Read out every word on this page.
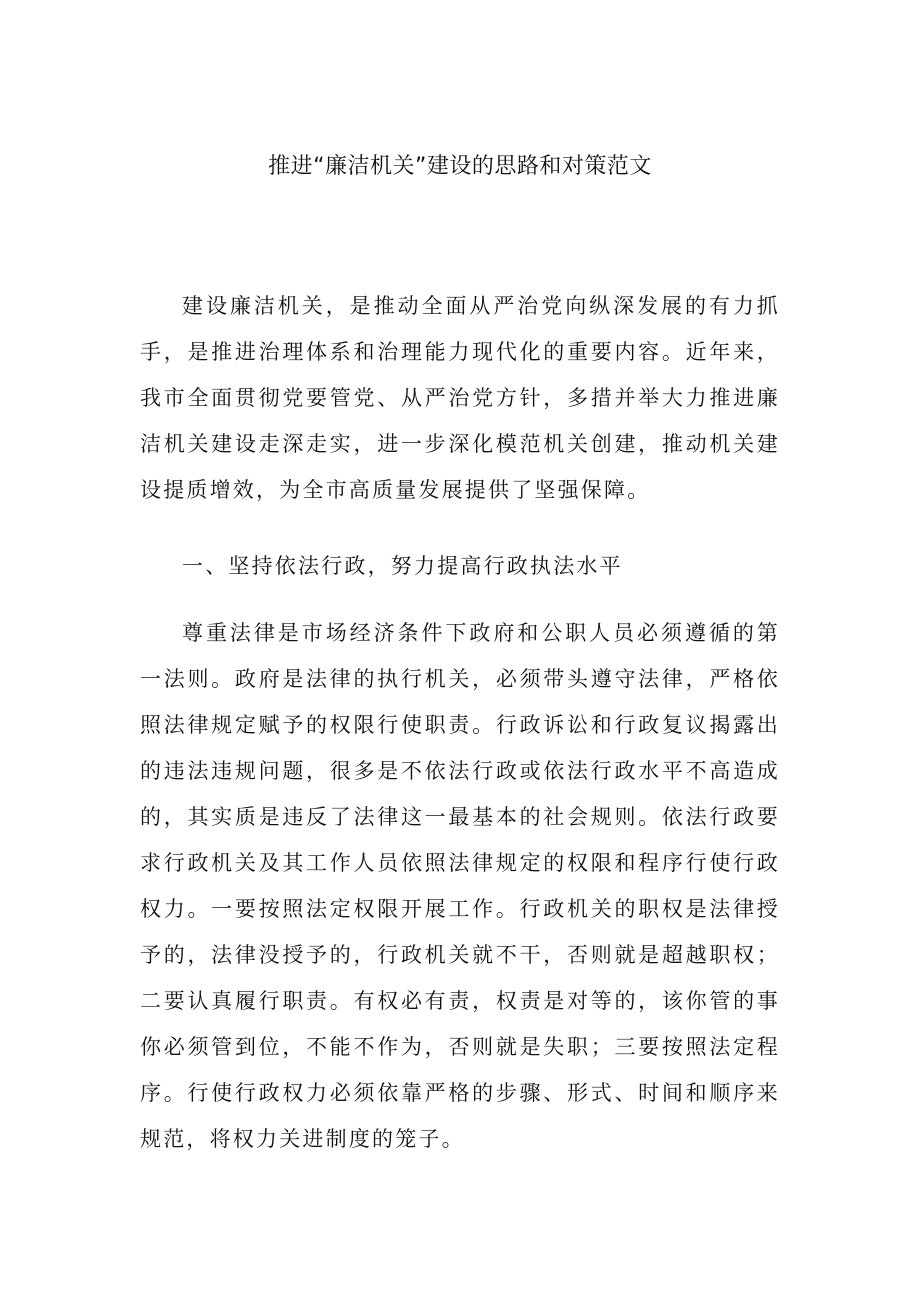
推进“廉洁机关”建设的思路和对策范文

建设廉洁机关，是推动全面从严治党向纵深发展的有力抓手，是推进治理体系和治理能力现代化的重要内容。近年来，我市全面贯彻党要管党、从严治党方针，多措并举大力推进廉洁机关建设走深走实，进一步深化模范机关创建，推动机关建设提质增效，为全市高质量发展提供了坚强保障。

一、坚持依法行政，努力提高行政执法水平

尊重法律是市场经济条件下政府和公职人员必须遵循的第一法则。政府是法律的执行机关，必须带头遵守法律，严格依照法律规定赋予的权限行使职责。行政诉讼和行政复议揭露出的违法违规问题，很多是不依法行政或依法行政水平不高造成的，其实质是违反了法律这一最基本的社会规则。依法行政要求行政机关及其工作人员依照法律规定的权限和程序行使行政权力。一要按照法定权限开展工作。行政机关的职权是法律授予的，法律没授予的，行政机关就不干，否则就是超越职权；二要认真履行职责。有权必有责，权责是对等的，该你管的事你必须管到位，不能不作为，否则就是失职；三要按照法定程序。行使行政权力必须依靠严格的步骤、形式、时间和顺序来规范，将权力关进制度的笼子。
